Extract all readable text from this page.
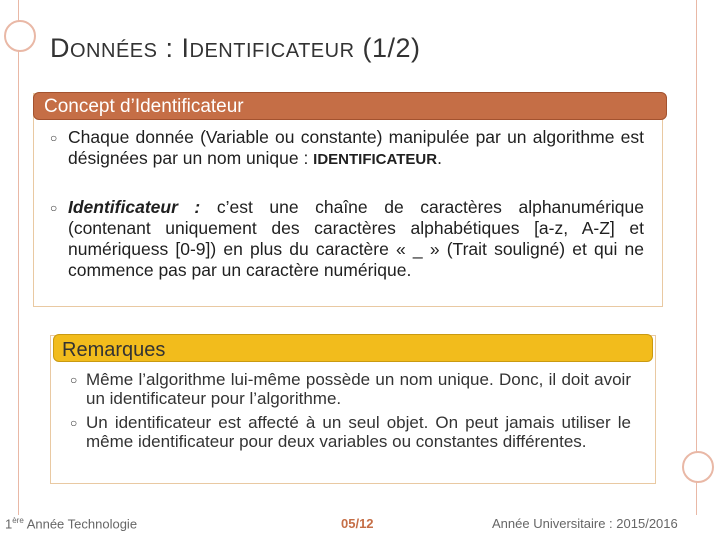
DONNÉES : IDENTIFICATEUR (1/2)
Concept d’Identificateur
○ Chaque donnée (Variable ou constante) manipulée par un algorithme est désignées par un nom unique : IDENTIFICATEUR.
○ Identificateur : c’est une chaîne de caractères alphanumérique (contenant uniquement des caractères alphabétiques [a-z, A-Z] et numériquess [0-9]) en plus du caractère « _ » (Trait souligné) et qui ne commence pas par un caractère numérique.
Remarques
○ Même l’algorithme lui-même possède un nom unique. Donc, il doit avoir un identificateur pour l’algorithme.
○ Un identificateur est affecté à un seul objet. On peut jamais utiliser le même identificateur pour deux variables ou constantes différentes.
1ère Année Technologie	05/12	Année Universitaire : 2015/2016
